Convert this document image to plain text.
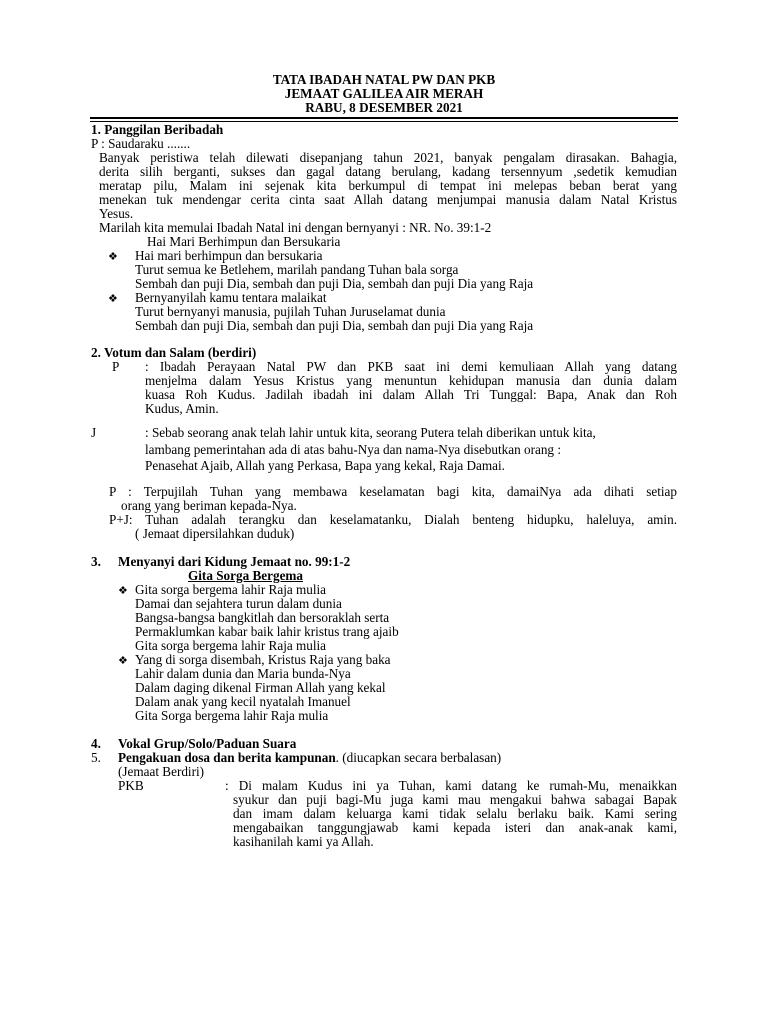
TATA IBADAH NATAL PW DAN PKB
JEMAAT GALILEA AIR MERAH
RABU, 8 DESEMBER 2021
1. Panggilan Beribadah
P : Saudaraku .......
Banyak peristiwa telah dilewati disepanjang tahun 2021, banyak pengalam dirasakan. Bahagia,
derita silih berganti, sukses dan gagal datang berulang, kadang tersennyum ,sedetik kemudian
meratap pilu, Malam ini sejenak kita berkumpul di tempat ini melepas beban berat yang
menekan tuk mendengar cerita cinta saat Allah datang menjumpai manusia dalam Natal Kristus
Yesus.
Marilah kita memulai Ibadah Natal ini dengan bernyanyi : NR. No. 39:1-2
Hai Mari Berhimpun dan Bersukaria
❖ Hai mari berhimpun dan bersukaria
Turut semua ke Betlehem, marilah pandang Tuhan bala sorga
Sembah dan puji Dia, sembah dan puji Dia, sembah dan puji Dia yang Raja
❖ Bernyanyilah kamu tentara malaikat
Turut bernyanyi manusia, pujilah Tuhan Juruselamat dunia
Sembah dan puji Dia, sembah dan puji Dia, sembah dan puji Dia yang Raja
2. Votum dan Salam (berdiri)
P : Ibadah Perayaan Natal PW dan PKB saat ini demi kemuliaan Allah yang datang
menjelma dalam Yesus Kristus yang menuntun kehidupan manusia dan dunia dalam
kuasa Roh Kudus. Jadilah ibadah ini dalam Allah Tri Tunggal: Bapa, Anak dan Roh
Kudus, Amin.
J	: Sebab seorang anak telah lahir untuk kita, seorang Putera telah diberikan untuk kita,
lambang pemerintahan ada di atas bahu-Nya dan nama-Nya disebutkan orang :
Penasehat Ajaib, Allah yang Perkasa, Bapa yang kekal, Raja Damai.
P : Terpujilah Tuhan yang membawa keselamatan bagi kita, damaiNya ada dihati setiap
orang yang beriman kepada-Nya.
P+J: Tuhan adalah terangku dan keselamatanku, Dialah benteng hidupku, haleluya, amin.
( Jemaat dipersilahkan duduk)
3. Menyanyi dari Kidung Jemaat no. 99:1-2
Gita Sorga Bergema
❖ Gita sorga bergema lahir Raja mulia
Damai dan sejahtera turun dalam dunia
Bangsa-bangsa bangkitlah dan bersoraklah serta
Permaklumkan kabar baik lahir kristus trang ajaib
Gita sorga bergema lahir Raja mulia
❖ Yang di sorga disembah, Kristus Raja yang baka
Lahir dalam dunia dan Maria bunda-Nya
Dalam daging dikenal Firman Allah yang kekal
Dalam anak yang kecil nyatalah Imanuel
Gita Sorga bergema lahir Raja mulia
4. Vokal Grup/Solo/Paduan Suara
5. Pengakuan dosa dan berita kampunan. (diucapkan secara berbalasan)
(Jemaat Berdiri)
PKB	: Di malam Kudus ini ya Tuhan, kami datang ke rumah-Mu, menaikkan
syukur dan puji bagi-Mu juga kami mau mengakui bahwa sabagai Bapak
dan imam dalam keluarga kami tidak selalu berlaku baik. Kami sering
mengabaikan tanggungjawab kami kepada isteri dan anak-anak kami,
kasihanilah kami ya Allah.
